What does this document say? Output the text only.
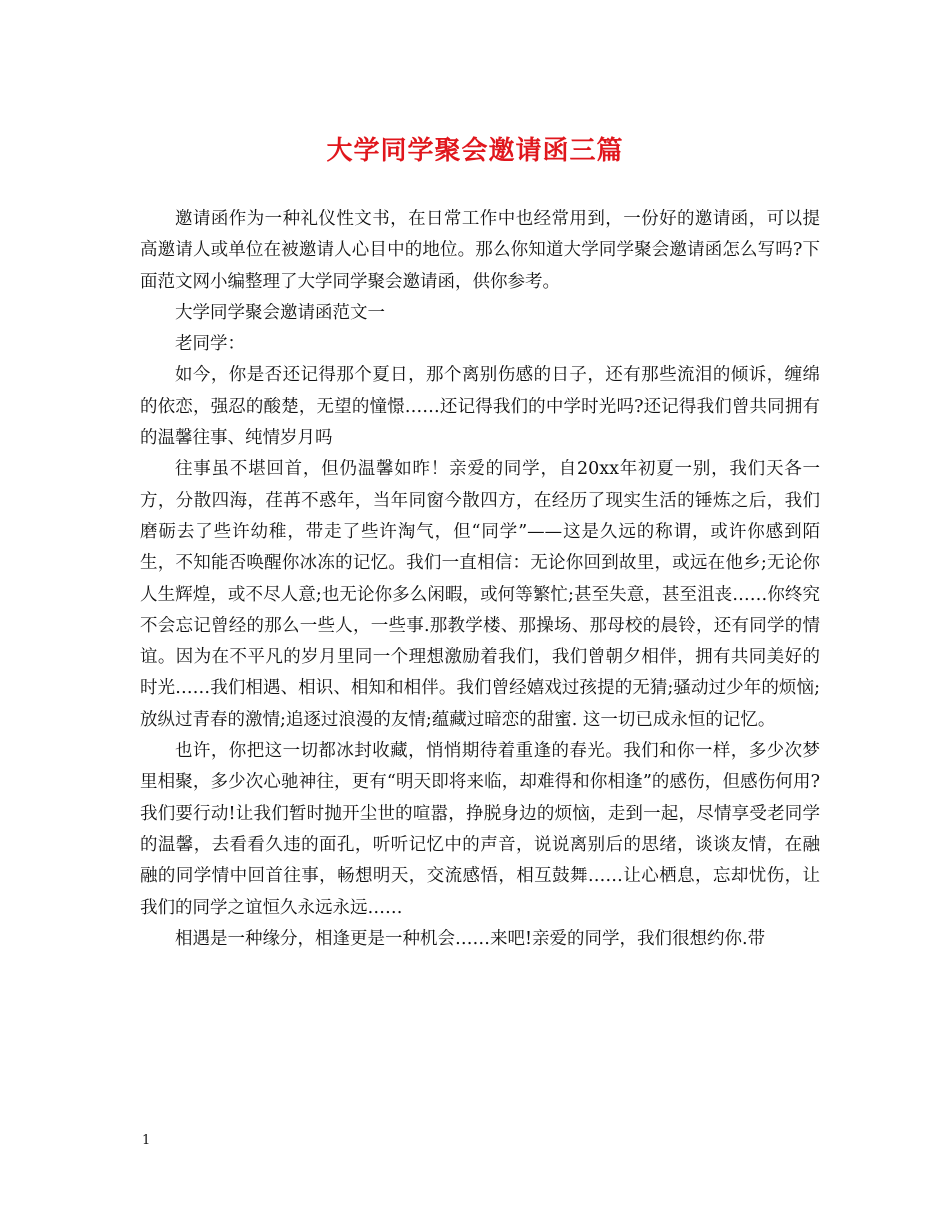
大学同学聚会邀请函三篇

邀请函作为一种礼仪性文书，在日常工作中也经常用到，一份好的邀请函，可以提高邀请人或单位在被邀请人心目中的地位。那么你知道大学同学聚会邀请函怎么写吗?下面范文网小编整理了大学同学聚会邀请函，供你参考。

大学同学聚会邀请函范文一

老同学：

如今，你是否还记得那个夏日，那个离别伤感的日子，还有那些流泪的倾诉，缠绵的依恋，强忍的酸楚，无望的憧憬……还记得我们的中学时光吗?还记得我们曾共同拥有的温馨往事、纯情岁月吗

往事虽不堪回首，但仍温馨如昨！亲爱的同学，自20xx年初夏一别，我们天各一方，分散四海，荏苒不惑年，当年同窗今散四方，在经历了现实生活的锤炼之后，我们磨砺去了些许幼稚，带走了些许淘气，但“同学”——这是久远的称谓，或许你感到陌生，不知能否唤醒你冰冻的记忆。我们一直相信：无论你回到故里，或远在他乡;无论你人生辉煌，或不尽人意;也无论你多么闲暇，或何等繁忙;甚至失意，甚至沮丧……你终究不会忘记曾经的那么一些人，一些事.那教学楼、那操场、那母校的晨铃，还有同学的情谊。因为在不平凡的岁月里同一个理想激励着我们，我们曾朝夕相伴，拥有共同美好的时光……我们相遇、相识、相知和相伴。我们曾经嬉戏过孩提的无猜;骚动过少年的烦恼;放纵过青春的激情;追逐过浪漫的友情;蕴藏过暗恋的甜蜜. 这一切已成永恒的记忆。

也许，你把这一切都冰封收藏，悄悄期待着重逢的春光。我们和你一样，多少次梦里相聚，多少次心驰神往，更有“明天即将来临，却难得和你相逢”的感伤，但感伤何用?我们要行动!让我们暂时抛开尘世的喧嚣，挣脱身边的烦恼，走到一起，尽情享受老同学的温馨，去看看久违的面孔，听听记忆中的声音，说说离别后的思绪，谈谈友情，在融融的同学情中回首往事，畅想明天，交流感悟，相互鼓舞……让心栖息，忘却忧伤，让我们的同学之谊恒久永远永远……

相遇是一种缘分，相逢更是一种机会……来吧!亲爱的同学，我们很想约你.带

1
